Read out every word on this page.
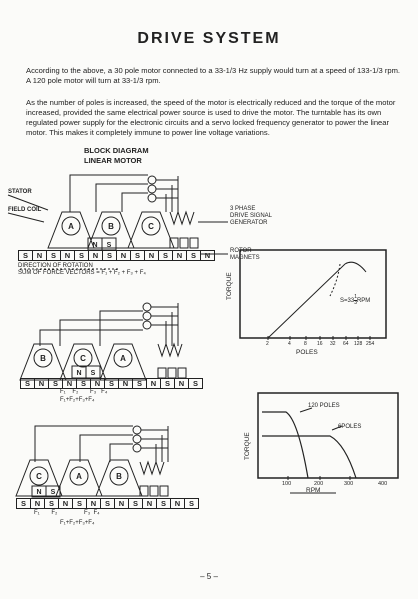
DRIVE SYSTEM
According to the above, a 30 pole motor connected to a 33-1/3 Hz supply would turn at a speed of 133-1/3 rpm. A 120 pole motor will turn at 33-1/3 rpm.
As the number of poles is increased, the speed of the motor is electrically reduced and the torque of the motor increased, provided the same electrical power source is used to drive the motor. The turntable has its own regulated power supply for the electronic circuits and a servo locked frequency generator to power the linear motor. This makes it completely immune to power line voltage variations.
BLOCK DIAGRAM
LINEAR MOTOR
A	B	C
B	C	A
C	A	B
N S
N S
N S
STATOR
FIELD COIL	3 PHASE
DRIVE SIGNAL
GENERATOR
ROTOR
MAGNETS
S	N	S	N	S	N	S	N	S	N	S	N	S	N
DIRECTION OF ROTATION
SUM OF FORCE VECTORS = F₁ + F₂ + F₃ + F₄
S	N	S	N	S	N	S	N	S	N	S	N	S
F₁ F₂ F₃ F₄
F₁+F₂+F₃+F₄
S	N	S	N	S	N	S	N	S	N	S	N	S
F₁ F₂	F₃ F₄
F₁+F₂+F₃+F₄
TORQUE
$S=33 \frac{1}{3}$ RPM
2	4	8 16 32 64 128 254
POLES
TORQUE
120 POLES
6POLES
100	200	300	400
RPM
– 5 –
